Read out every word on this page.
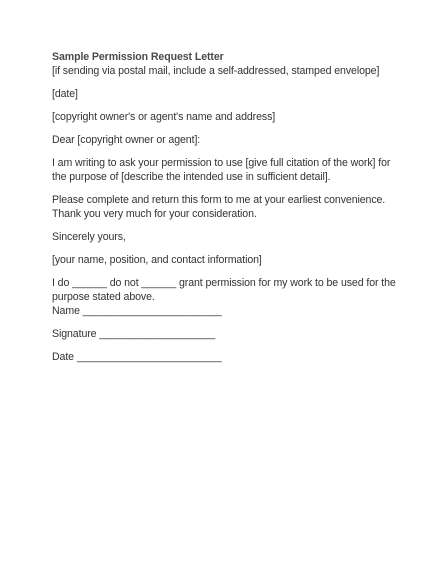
Sample Permission Request Letter

[if sending via postal mail, include a self-addressed, stamped envelope]

[date]

[copyright owner's or agent's name and address]

Dear [copyright owner or agent]:

I am writing to ask your permission to use [give full citation of the work] for

the purpose of [describe the intended use in sufficient detail].

Please complete and return this form to me at your earliest convenience.

Thank you very much for your consideration.

Sincerely yours,

[your name, position, and contact information]

I do ______ do not ______ grant permission for my work to be used for the

purpose stated above.

Name ________________________

Signature ____________________

Date _________________________
